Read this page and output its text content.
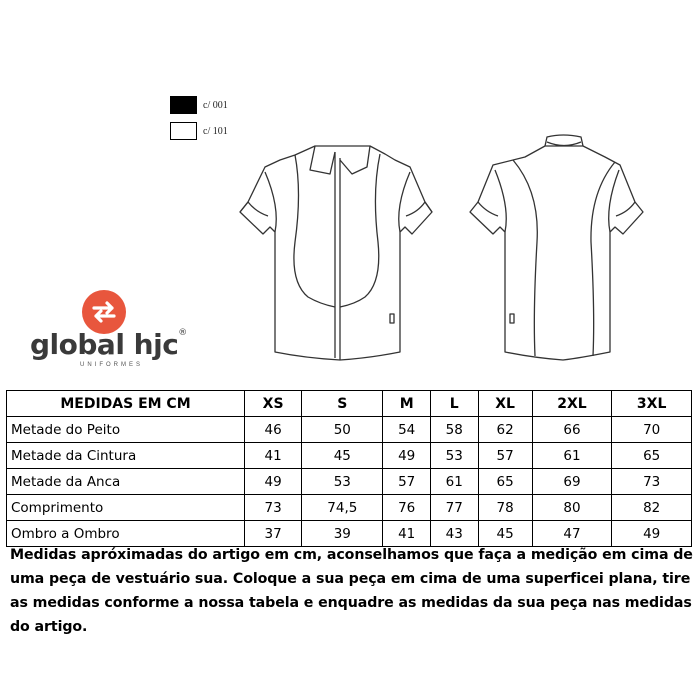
c/ 001
c/ 101
global hjc®
UNIFORMES
MEDIDAS EM CM	XS	S	M	L	XL	2XL	3XL
Metade do Peito	46	50	54	58	62	66	70
Metade da Cintura	41	45	49	53	57	61	65
Metade da Anca	49	53	57	61	65	69	73
Comprimento	73	74,5	76	77	78	80	82
Ombro a Ombro	37	39	41	43	45	47	49
Medidas apróximadas do artigo em cm, aconselhamos que faça a medição em cima de uma peça de vestuário sua. Coloque a sua peça em cima de uma superficei plana, tire as medidas conforme a nossa tabela e enquadre as medidas da sua peça nas medidas do artigo.
